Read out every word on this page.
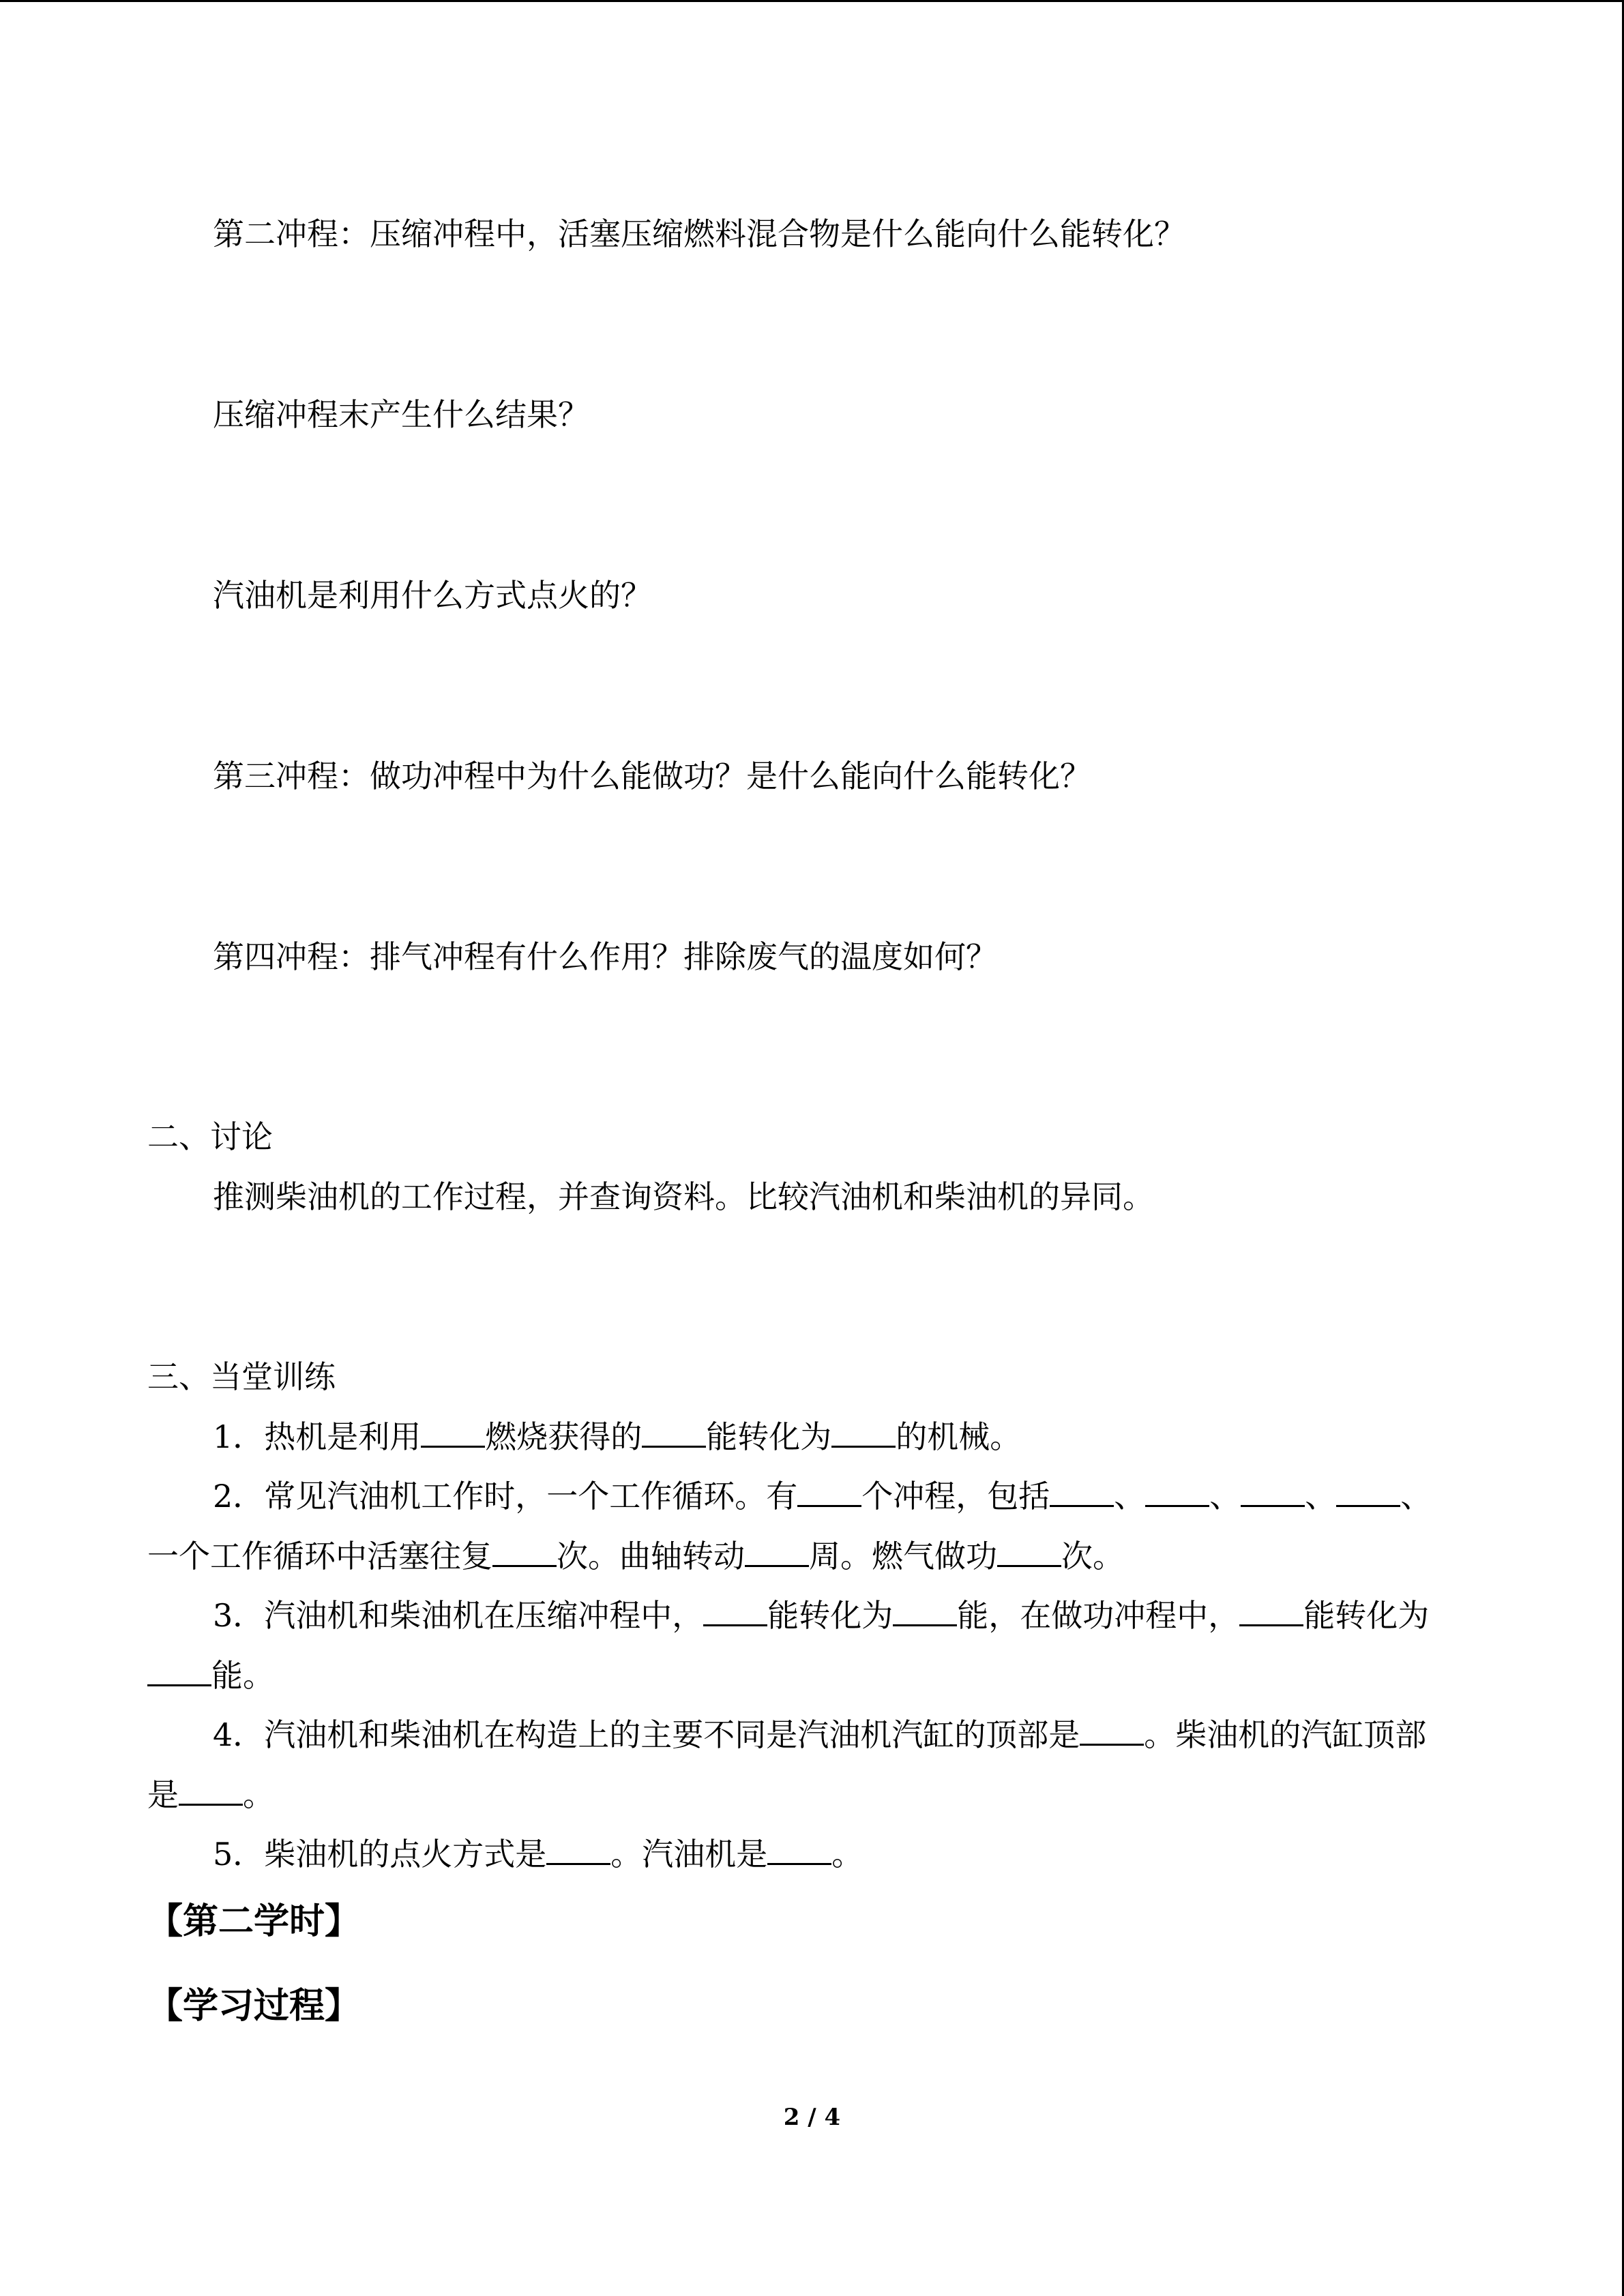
第二冲程：压缩冲程中，活塞压缩燃料混合物是什么能向什么能转化？
压缩冲程末产生什么结果？
汽油机是利用什么方式点火的？
第三冲程：做功冲程中为什么能做功？是什么能向什么能转化？
第四冲程：排气冲程有什么作用？排除废气的温度如何？
二、讨论
推测柴油机的工作过程，并查询资料。比较汽油机和柴油机的异同。
三、当堂训练
1．热机是利用 燃烧获得的 能转化为 的机械。
2．常见汽油机工作时，一个工作循环。有 个冲程，包括 、 、 、 、
一个工作循环中活塞往复 次。曲轴转动 周。燃气做功 次。
3．汽油机和柴油机在压缩冲程中， 能转化为 能，在做功冲程中， 能转化为
能。
4．汽油机和柴油机在构造上的主要不同是汽油机汽缸的顶部是 。柴油机的汽缸顶部
是 。
5．柴油机的点火方式是 。汽油机是 。
【第二学时】
【学习过程】
2 / 4
